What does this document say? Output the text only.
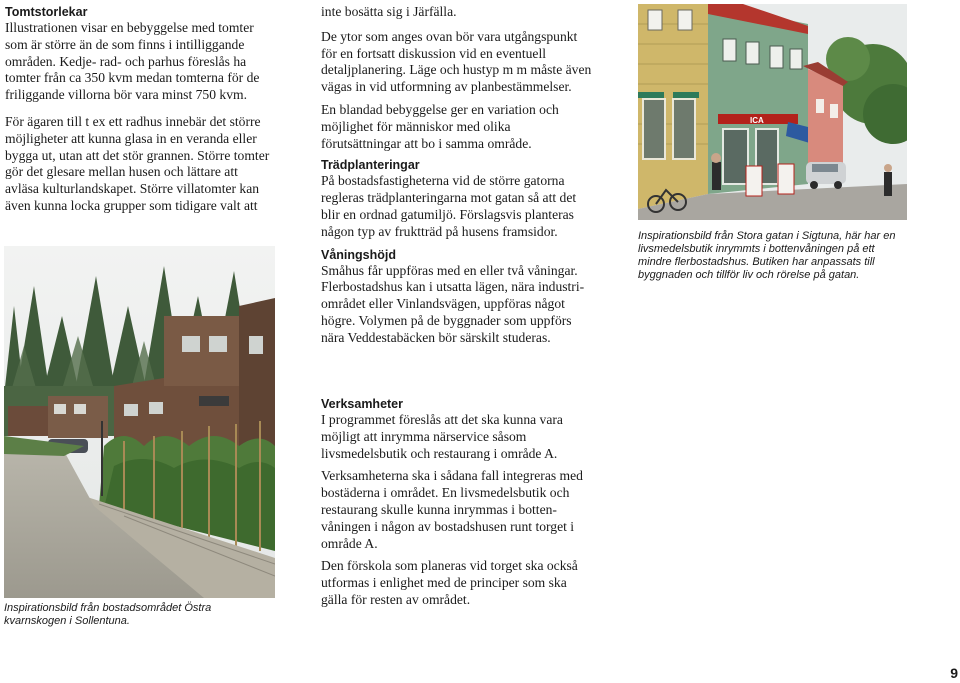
Tomtstorlekar

Illustrationen visar en bebyggelse med tomter som är större än de som finns i intilliggande områden. Kedje- rad- och parhus föreslås ha tomter från ca 350 kvm medan tomterna för de friliggande villorna bör vara minst 750 kvm.

För ägaren till t ex ett radhus innebär det större möjligheter att kunna glasa in en veranda eller bygga ut, utan att det stör grannen. Större tomter gör det glesare mellan husen och lättare att avläsa kulturlandskapet. Större villatomter kan även kunna locka grupper som tidigare valt att

Inspirationsbild från bostadsområdet Östra kvarnskogen i Sollentuna.

inte bosätta sig i Järfälla.

De ytor som anges ovan bör vara utgångspunkt för en fortsatt diskussion vid en eventuell detaljplanering. Läge och hustyp m m måste även vägas in vid utformning av planbestämmelser.

En blandad bebyggelse ger en variation och möjlighet för människor med olika förutsättningar att bo i samma område.

Trädplanteringar

På bostadsfastigheterna vid de större gatorna regleras trädplanteringarna mot gatan så att det blir en ordnad gatumiljö. Förslagsvis planteras någon typ av fruktträd på husens framsidor.

Våningshöjd

Småhus får uppföras med en eller två våningar. Flerbostadshus kan i utsatta lägen, nära industri-området eller Vinlandsvägen, uppföras något högre. Volymen på de byggnader som uppförs nära Veddestabäcken bör särskilt studeras.

Verksamheter

I programmet föreslås att det ska kunna vara möjligt att inrymma närservice såsom livsmedelsbutik och restaurang i område A.

Verksamheterna ska i sådana fall integreras med bostäderna i området. En livsmedelsbutik och restaurang skulle kunna inrymmas i botten-våningen i någon av bostadshusen runt torget i område A.

Den förskola som planeras vid torget ska också utformas i enlighet med de principer som ska gälla för resten av området.

ICA

Inspirationsbild från Stora gatan i Sigtuna, här har en livsmedelsbutik inrymmts i bottenvåningen på ett mindre flerbostadshus. Butiken har anpassats till byggnaden och tillför liv och rörelse på gatan.

9
